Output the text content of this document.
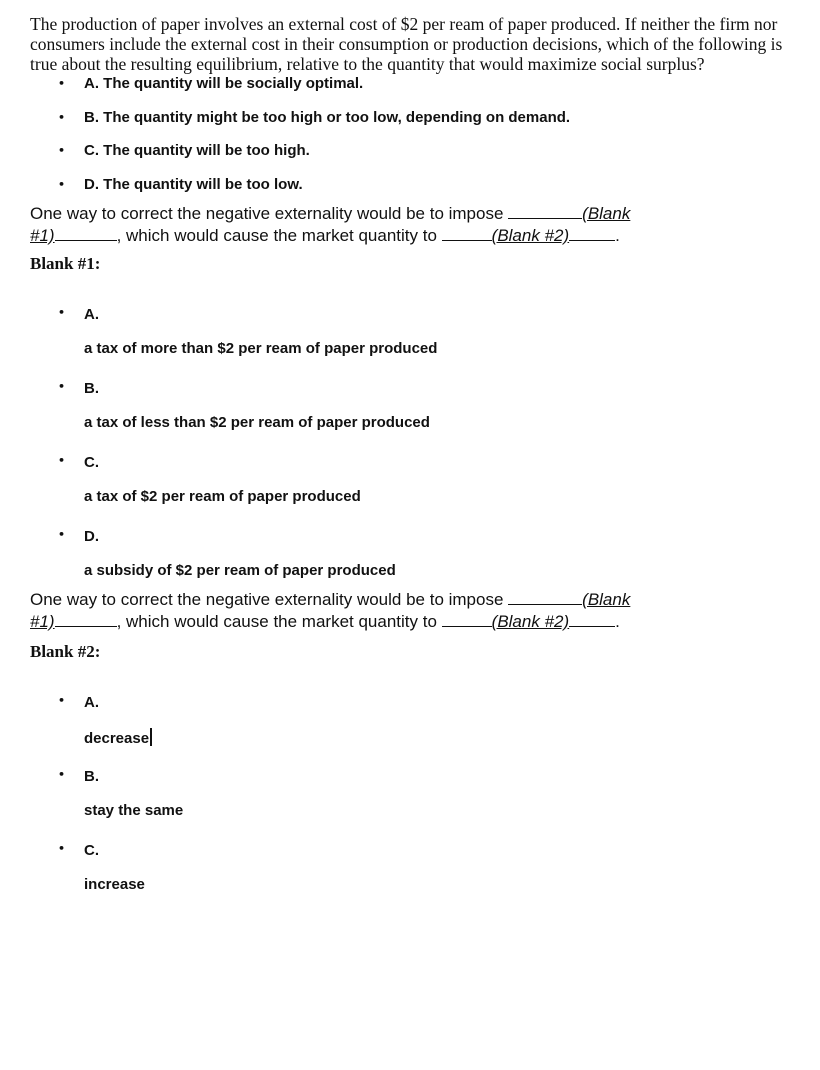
The production of paper involves an external cost of $2 per ream of paper produced. If neither the firm nor consumers include the external cost in their consumption or production decisions, which of the following is true about the resulting equilibrium, relative to the quantity that would maximize social surplus?

• A. The quantity will be socially optimal.
• B. The quantity might be too high or too low, depending on demand.
• C. The quantity will be too high.
• D. The quantity will be too low.
One way to correct the negative externality would be to impose	(Blank
#1)	, which would cause the market quantity to	(Blank #2)	.

Blank #1:

• A.
a tax of more than $2 per ream of paper produced
• B.
a tax of less than $2 per ream of paper produced
• C.
a tax of $2 per ream of paper produced
• D.
a subsidy of $2 per ream of paper produced
One way to correct the negative externality would be to impose	(Blank
#1)	, which would cause the market quantity to	(Blank #2)	.

Blank #2:

• A.
decrease
• B.
stay the same
• C.
increase
